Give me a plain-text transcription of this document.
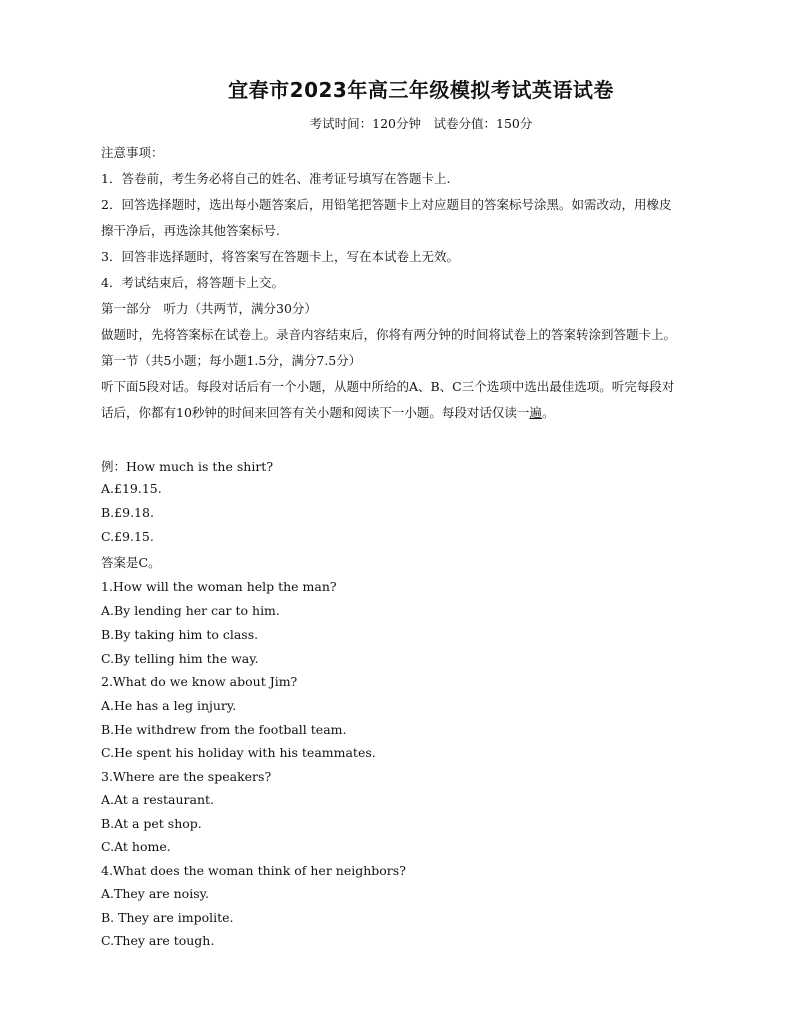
宜春市2023年高三年级模拟考试英语试卷
考试时间：120分钟　试卷分值：150分
注意事项：
1．答卷前，考生务必将自己的姓名、准考证号填写在答题卡上.
2．回答选择题时，选出每小题答案后，用铅笔把答题卡上对应题目的答案标号涂黑。如需改动，用橡皮
擦干净后，再选涂其他答案标号.
3．回答非选择题时，将答案写在答题卡上，写在本试卷上无效。
4．考试结束后，将答题卡上交。
第一部分　听力（共两节，满分30分）
做题时，先将答案标在试卷上。录音内容结束后，你将有两分钟的时间将试卷上的答案转涂到答题卡上。
第一节（共5小题；每小题1.5分，满分7.5分）
听下面5段对话。每段对话后有一个小题，从题中所给的A、B、C三个选项中选出最佳选项。听完每段对
话后，你都有10秒钟的时间来回答有关小题和阅读下一小题。每段对话仅读一遍。
例：How much is the shirt?
A.£19.15.
B.£9.18.
C.£9.15.
答案是C。
1.How will the woman help the man?
A.By lending her car to him.
B.By taking him to class.
C.By telling him the way.
2.What do we know about Jim?
A.He has a leg injury.
B.He withdrew from the football team.
C.He spent his holiday with his teammates.
3.Where are the speakers?
A.At a restaurant.
B.At a pet shop.
C.At home.
4.What does the woman think of her neighbors?
A.They are noisy.
B. They are impolite.
C.They are tough.
